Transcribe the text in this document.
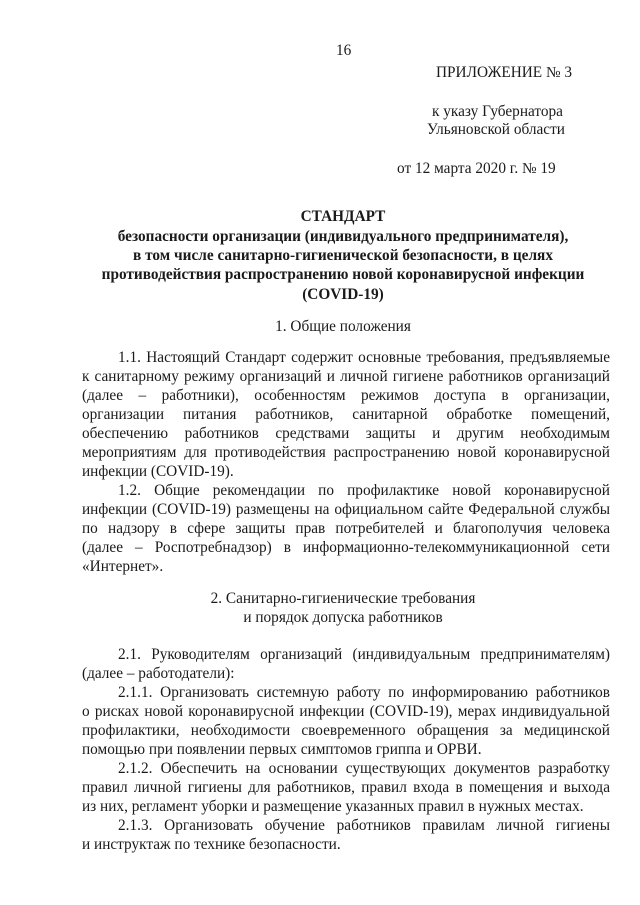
16
ПРИЛОЖЕНИЕ № 3
к указу Губернатора
Ульяновской области
от 12 марта 2020 г. № 19
СТАНДАРТ
безопасности организации (индивидуального предпринимателя),
в том числе санитарно-гигиенической безопасности, в целях
противодействия распространению новой коронавирусной инфекции
(COVID-19)
1. Общие положения
1.1. Настоящий Стандарт содержит основные требования, предъявляемые
к санитарному режиму организаций и личной гигиене работников организаций
(далее – работники), особенностям режимов доступа в организации,
организации питания работников, санитарной обработке помещений,
обеспечению работников средствами защиты и другим необходимым
мероприятиям для противодействия распространению новой коронавирусной
инфекции (COVID-19).
1.2. Общие рекомендации по профилактике новой коронавирусной
инфекции (COVID-19) размещены на официальном сайте Федеральной службы
по надзору в сфере защиты прав потребителей и благополучия человека
(далее – Роспотребнадзор) в информационно-телекоммуникационной сети
«Интернет».
2. Санитарно-гигиенические требования
и порядок допуска работников
2.1. Руководителям организаций (индивидуальным предпринимателям)
(далее – работодатели):
2.1.1. Организовать системную работу по информированию работников
о рисках новой коронавирусной инфекции (COVID-19), мерах индивидуальной
профилактики, необходимости своевременного обращения за медицинской
помощью при появлении первых симптомов гриппа и ОРВИ.
2.1.2. Обеспечить на основании существующих документов разработку
правил личной гигиены для работников, правил входа в помещения и выхода
из них, регламент уборки и размещение указанных правил в нужных местах.
2.1.3. Организовать обучение работников правилам личной гигиены
и инструктаж по технике безопасности.
